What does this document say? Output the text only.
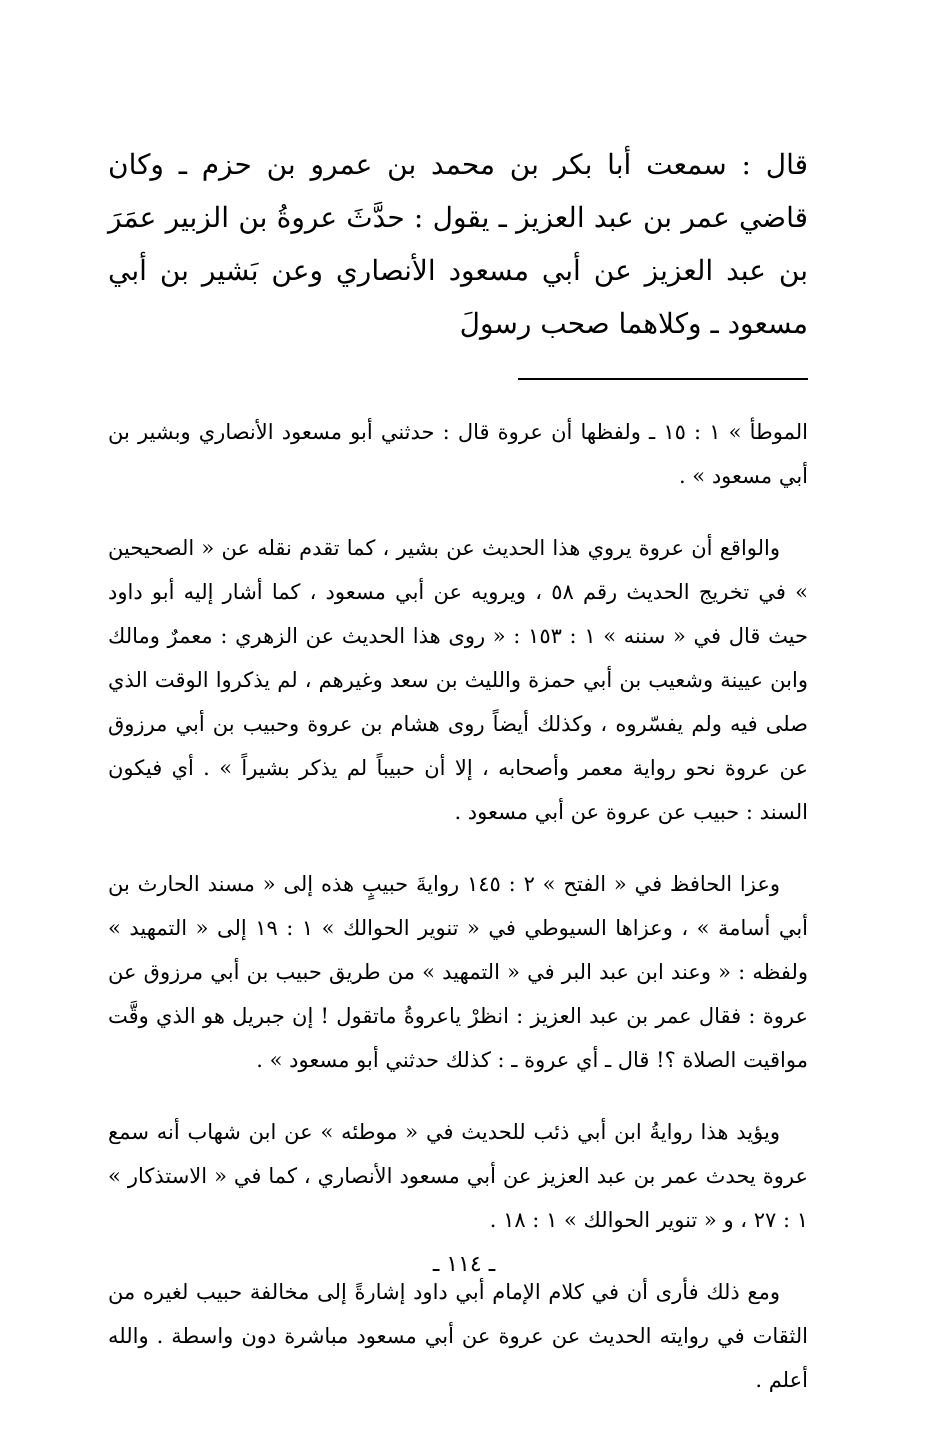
قال : سمعت أبا بكر بن محمد بن عمرو بن حزم ـ وكان قاضي عمر بن عبد العزيز ـ يقول : حدَّثَ عروةُ بن الزبير عمَرَ بن عبد العزيز عن أبي مسعود الأنصاري وعن بَشير بن أبي مسعود ـ وكلاهما صحب رسولَ

الموطأ » ١ : ١٥ ـ ولفظها أن عروة قال : حدثني أبو مسعود الأنصاري وبشير بن أبي مسعود » .

والواقع أن عروة يروي هذا الحديث عن بشير ، كما تقدم نقله عن « الصحيحين » في تخريج الحديث رقم ٥٨ ، ويرويه عن أبي مسعود ، كما أشار إليه أبو داود حيث قال في « سننه » ١ : ١٥٣ : « روى هذا الحديث عن الزهري : معمرٌ ومالك وابن عيينة وشعيب بن أبي حمزة والليث بن سعد وغيرهم ، لم يذكروا الوقت الذي صلى فيه ولم يفسّروه ، وكذلك أيضاً روى هشام بن عروة وحبيب بن أبي مرزوق عن عروة نحو رواية معمر وأصحابه ، إلا أن حبيباً لم يذكر بشيراً » . أي فيكون السند : حبيب عن عروة عن أبي مسعود .

وعزا الحافظ في « الفتح » ٢ : ١٤٥ روايةَ حبيبٍ هذه إلى « مسند الحارث بن أبي أسامة » ، وعزاها السيوطي في « تنوير الحوالك » ١ : ١٩ إلى « التمهيد » ولفظه : « وعند ابن عبد البر في « التمهيد » من طريق حبيب بن أبي مرزوق عن عروة : فقال عمر بن عبد العزيز : انظرْ ياعروةُ ماتقول ! إن جبريل هو الذي وقَّت مواقيت الصلاة ؟! قال ـ أي عروة ـ : كذلك حدثني أبو مسعود » .

ويؤيد هذا روايةُ ابن أبي ذئب للحديث في « موطئه » عن ابن شهاب أنه سمع عروة يحدث عمر بن عبد العزيز عن أبي مسعود الأنصاري ، كما في « الاستذكار » ١ : ٢٧ ، و « تنوير الحوالك » ١ : ١٨ .

ومع ذلك فأرى أن في كلام الإمام أبي داود إشارةً إلى مخالفة حبيب لغيره من الثقات في روايته الحديث عن عروة عن أبي مسعود مباشرة دون واسطة . والله أعلم .

ـ ١١٤ ـ
